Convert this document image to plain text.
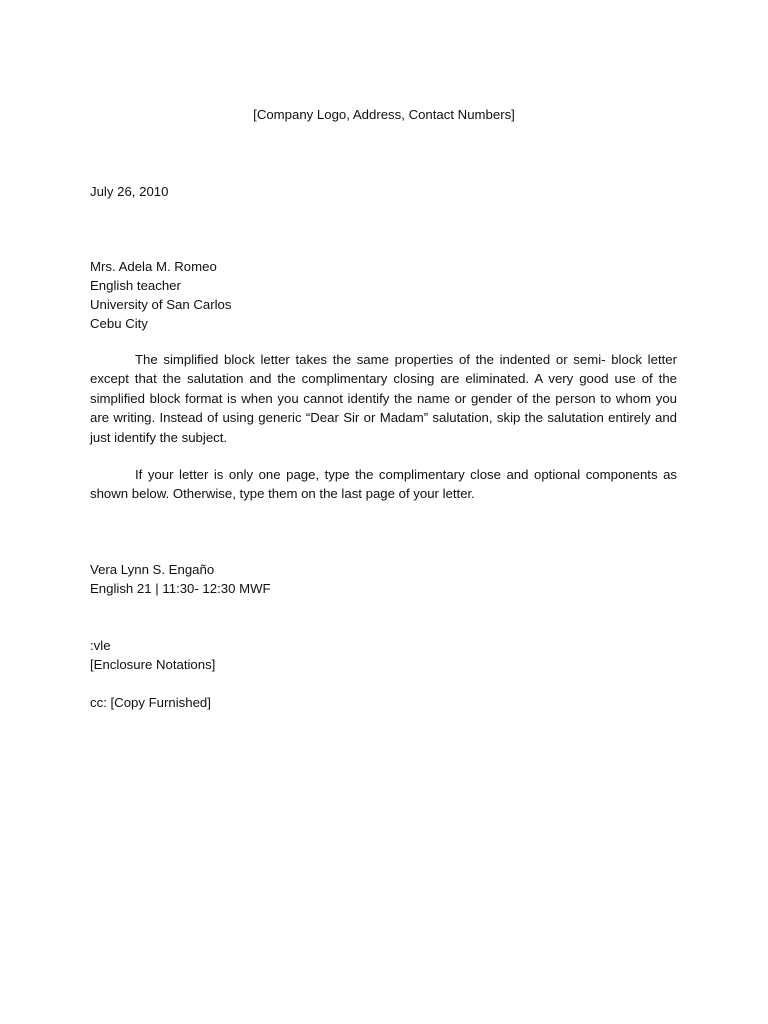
[Company Logo, Address, Contact Numbers]
July 26, 2010
Mrs. Adela M. Romeo
English teacher
University of San Carlos
Cebu City

The simplified block letter takes the same properties of the indented or semi- block letter except that the salutation and the complimentary closing are eliminated. A very good use of the simplified block format is when you cannot identify the name or gender of the person to whom you are writing. Instead of using generic “Dear Sir or Madam” salutation, skip the salutation entirely and just identify the subject.

If your letter is only one page, type the complimentary close and optional components as shown below. Otherwise, type them on the last page of your letter.

Vera Lynn S. Engaño
English 21 | 11:30- 12:30 MWF
:vle
[Enclosure Notations]
cc: [Copy Furnished]
